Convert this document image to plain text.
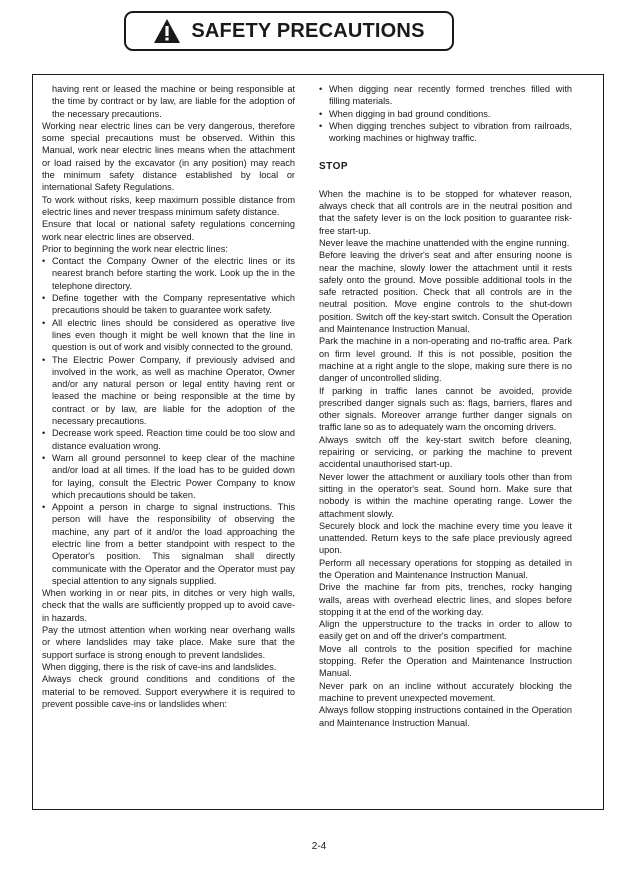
SAFETY PRECAUTIONS

having rent or leased the machine or being responsible at the time by contract or by law, are liable for the adoption of the necessary precautions.

Working near electric lines can be very dangerous, therefore some special precautions must be observed. Within this Manual, work near electric lines means when the attachment or load raised by the excavator (in any position) may reach the minimum safety distance established by local or international Safety Regulations.

To work without risks, keep maximum possible distance from electric lines and never trespass minimum safety distance.

Ensure that local or national safety regulations concerning work near electric lines are observed.

Prior to beginning the work near electric lines:

• Contact the Company Owner of the electric lines or its nearest branch before starting the work. Look up the in the telephone directory.

• Define together with the Company representative which precautions should be taken to guarantee work safety.

• All electric lines should be considered as operative live lines even though it might be well known that the line in question is out of work and visibly connected to the ground.

• The Electric Power Company, if previously advised and involved in the work, as well as machine Operator, Owner and/or any natural person or legal entity having rent or leased the machine or being responsible at the time by contract or by law, are liable for the adoption of the necessary precautions.

• Decrease work speed. Reaction time could be too slow and distance evaluation wrong.

• Warn all ground personnel to keep clear of the machine and/or load at all times. If the load has to be guided down for laying, consult the Electric Power Company to know which precautions should be taken.

• Appoint a person in charge to signal instructions. This person will have the responsibility of observing the machine, any part of it and/or the load approaching the electric line from a better standpoint with respect to the Operator's position. This signalman shall directly communicate with the Operator and the Operator must pay special attention to any signals supplied.

When working in or near pits, in ditches or very high walls, check that the walls are sufficiently propped up to avoid cave-in hazards.

Pay the utmost attention when working near overhang walls or where landslides may take place. Make sure that the support surface is strong enough to prevent landslides.

When digging, there is the risk of cave-ins and landslides.

Always check ground conditions and conditions of the material to be removed. Support everywhere it is required to prevent possible cave-ins or landslides when:

• When digging near recently formed trenches filled with filling materials.

• When digging in bad ground conditions.

• When digging trenches subject to vibration from railroads, working machines or highway traffic.

STOP

When the machine is to be stopped for whatever reason, always check that all controls are in the neutral position and that the safety lever is on the lock position to guarantee risk-free start-up.

Never leave the machine unattended with the engine running.

Before leaving the driver's seat and after ensuring noone is near the machine, slowly lower the attachment until it rests safely onto the ground. Move possible additional tools in the safe retracted position. Check that all controls are in the neutral position. Move engine controls to the shut-down position. Switch off the key-start switch. Consult the Operation and Maintenance Instruction Manual.

Park the machine in a non-operating and no-traffic area. Park on firm level ground. If this is not possible, position the machine at a right angle to the slope, making sure there is no danger of uncontrolled sliding.

If parking in traffic lanes cannot be avoided, provide prescribed danger signals such as: flags, barriers, flares and other signals. Moreover arrange further danger signals on traffic lane so as to adequately warn the oncoming drivers.

Always switch off the key-start switch before cleaning, repairing or servicing, or parking the machine to prevent accidental unauthorised start-up.

Never lower the attachment or auxiliary tools other than from sitting in the operator's seat. Sound horn. Make sure that nobody is within the machine operating range. Lower the attachment slowly.

Securely block and lock the machine every time you leave it unattended. Return keys to the safe place previously agreed upon.

Perform all necessary operations for stopping as detailed in the Operation and Maintenance Instruction Manual.

Drive the machine far from pits, trenches, rocky hanging walls, areas with overhead electric lines, and slopes before stopping it at the end of the working day.

Align the upperstructure to the tracks in order to allow to easily get on and off the driver's compartment.

Move all controls to the position specified for machine stopping. Refer the Operation and Maintenance Instruction Manual.

Never park on an incline without accurately blocking the machine to prevent unexpected movement.

Always follow stopping instructions contained in the Operation and Maintenance Instruction Manual.

2-4
